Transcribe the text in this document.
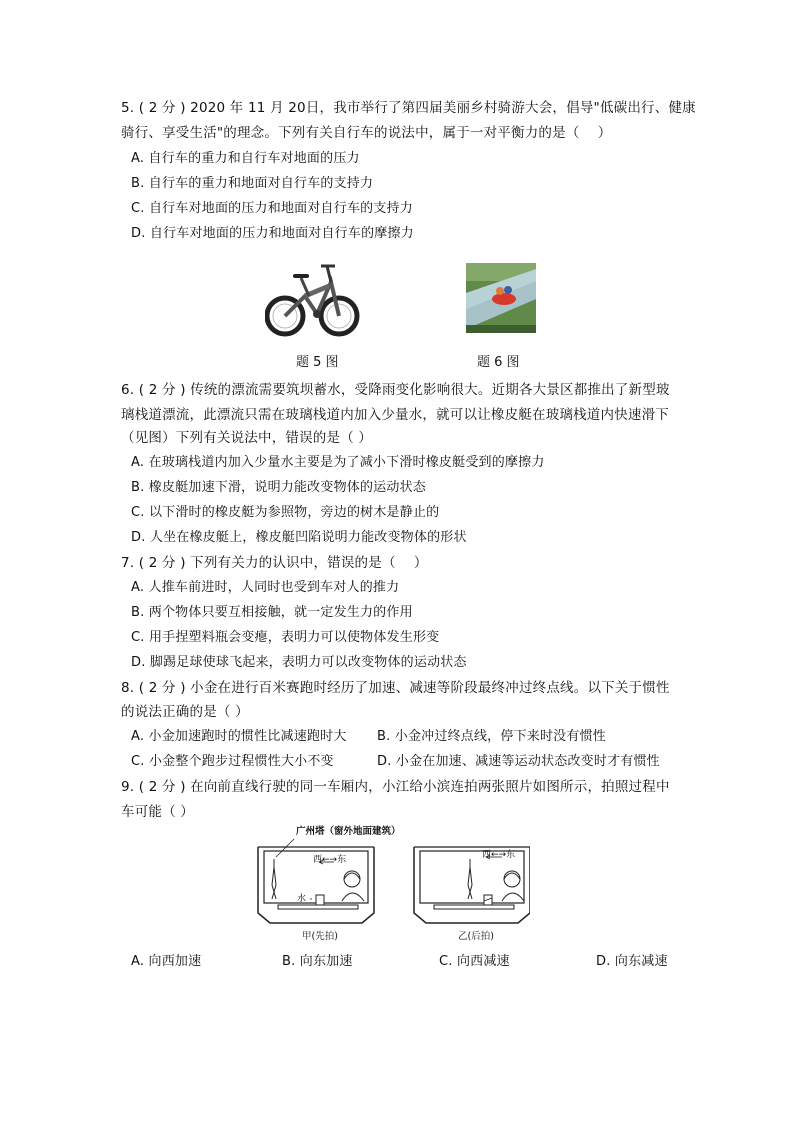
5. ( 2 分 ) 2020 年 11 月 20日，我市举行了第四届美丽乡村骑游大会，倡导"低碳出行、健康
骑行、享受生活"的理念。下列有关自行车的说法中，属于一对平衡力的是（　 ）
A. 自行车的重力和自行车对地面的压力
B. 自行车的重力和地面对自行车的支持力
C. 自行车对地面的压力和地面对自行车的支持力
D. 自行车对地面的压力和地面对自行车的摩擦力
题 5 图	题 6 图
6. ( 2 分 ) 传统的漂流需要筑坝蓄水，受降雨变化影响很大。近期各大景区都推出了新型玻
璃栈道漂流，此漂流只需在玻璃栈道内加入少量水，就可以让橡皮艇在玻璃栈道内快速滑下
（见图）下列有关说法中，错误的是（ ）
A. 在玻璃栈道内加入少量水主要是为了减小下滑时橡皮艇受到的摩擦力
B. 橡皮艇加速下滑，说明力能改变物体的运动状态
C. 以下滑时的橡皮艇为参照物，旁边的树木是静止的
D. 人坐在橡皮艇上，橡皮艇凹陷说明力能改变物体的形状
7. ( 2 分 ) 下列有关力的认识中，错误的是（　 ）
A. 人推车前进时，人同时也受到车对人的推力
B. 两个物体只要互相接触，就一定发生力的作用
C. 用手捏塑料瓶会变瘪，表明力可以使物体发生形变
D. 脚踢足球使球飞起来，表明力可以改变物体的运动状态
8. ( 2 分 ) 小金在进行百米赛跑时经历了加速、减速等阶段最终冲过终点线。以下关于惯性
的说法正确的是（ ）
A. 小金加速跑时的惯性比减速跑时大 B. 小金冲过终点线，停下来时没有惯性
C. 小金整个跑步过程惯性大小不变	D. 小金在加速、减速等运动状态改变时才有惯性
9. ( 2 分 ) 在向前直线行驶的同一车厢内，小江给小滨连拍两张照片如图所示，拍照过程中
车可能（ ）
广州塔（窗外地面建筑）
西←→东	西←→东
水
甲(先拍)	乙(后拍)
A. 向西加速	B. 向东加速	C. 向西减速	D. 向东减速
